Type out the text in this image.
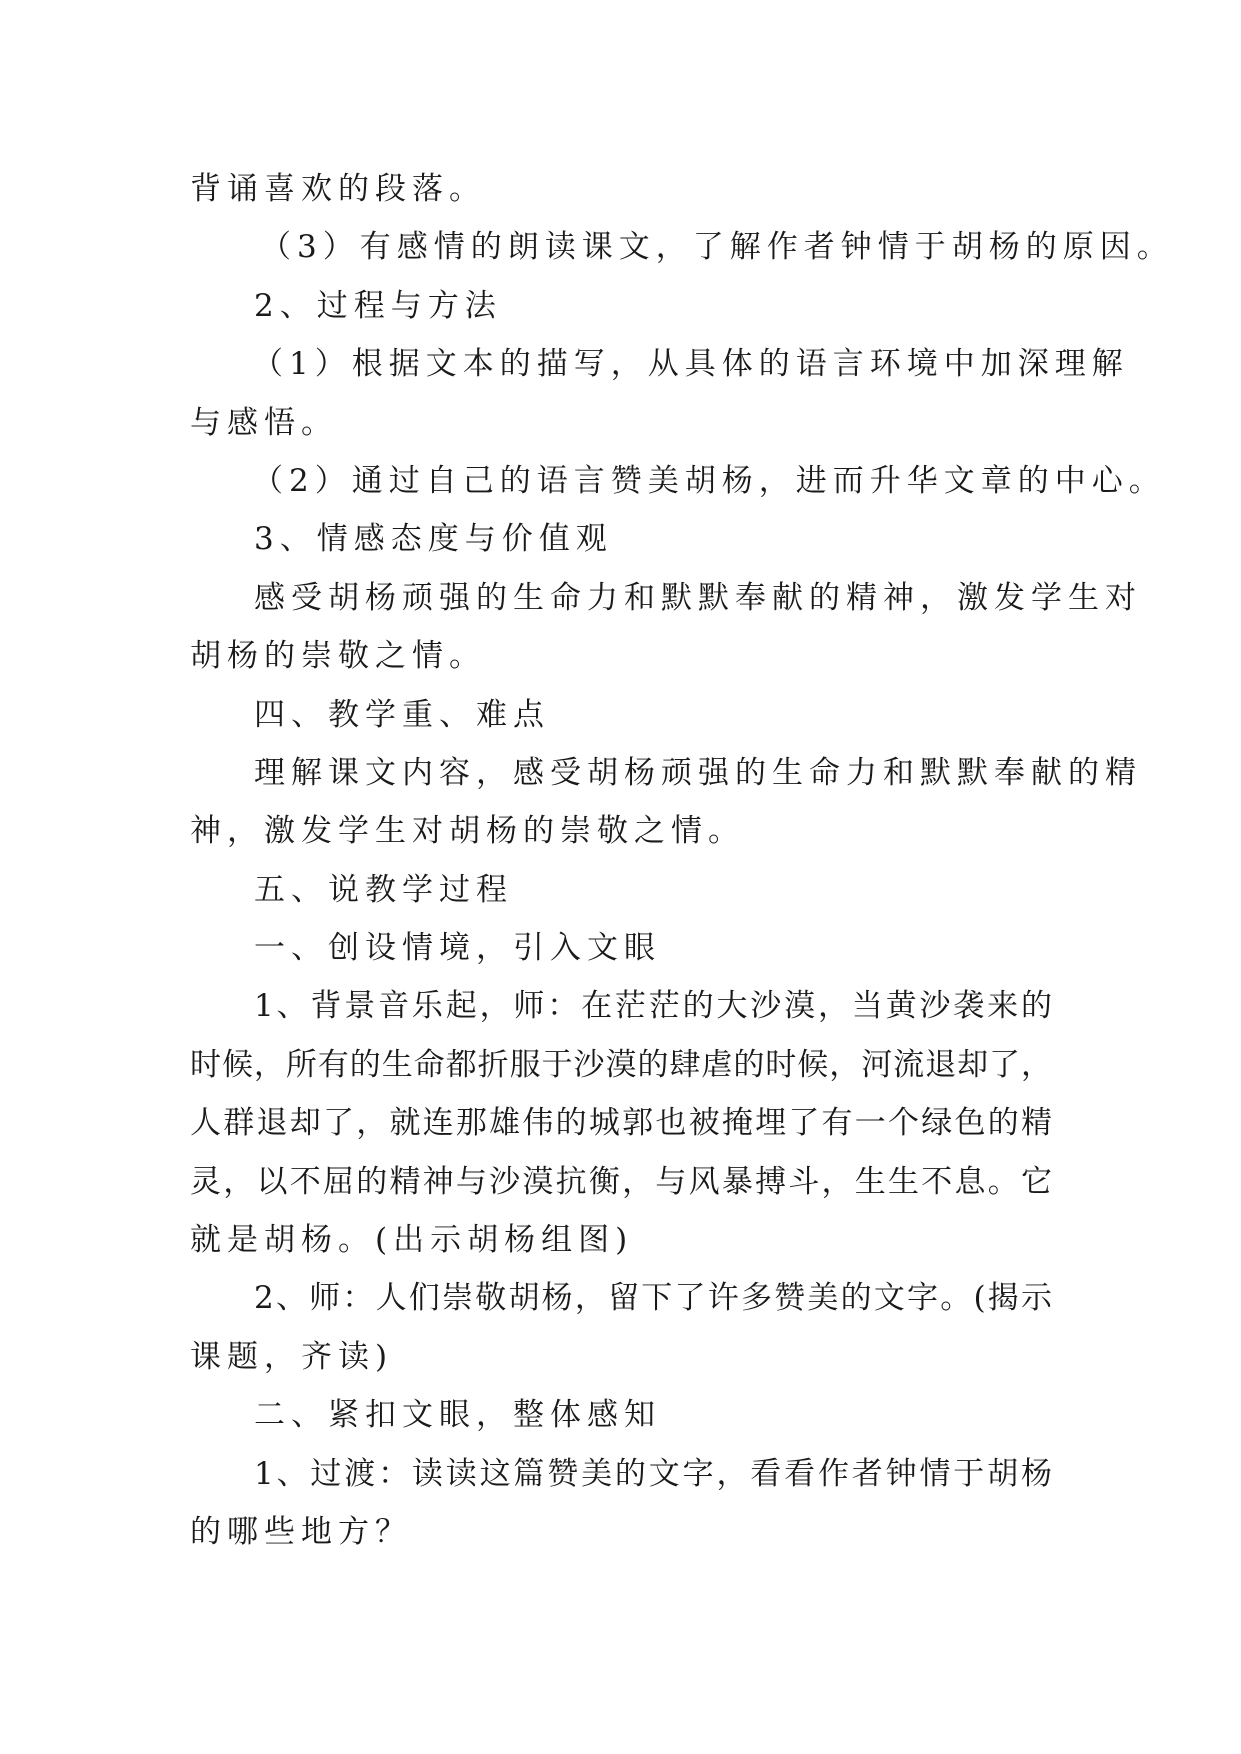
背诵喜欢的段落。
（3）有感情的朗读课文，了解作者钟情于胡杨的原因。
2、过程与方法
（1）根据文本的描写，从具体的语言环境中加深理解
与感悟。
（2）通过自己的语言赞美胡杨，进而升华文章的中心。
3、情感态度与价值观
感受胡杨顽强的生命力和默默奉献的精神，激发学生对
胡杨的崇敬之情。
四、教学重、难点
理解课文内容，感受胡杨顽强的生命力和默默奉献的精
神，激发学生对胡杨的崇敬之情。
五、说教学过程
一、创设情境，引入文眼
1、背景音乐起，师：在茫茫的大沙漠，当黄沙袭来的
时候，所有的生命都折服于沙漠的肆虐的时候，河流退却了，
人群退却了，就连那雄伟的城郭也被掩埋了有一个绿色的精
灵，以不屈的精神与沙漠抗衡，与风暴搏斗，生生不息。它
就是胡杨。(出示胡杨组图)
2、师：人们崇敬胡杨，留下了许多赞美的文字。(揭示
课题，齐读)
二、紧扣文眼，整体感知
1、过渡：读读这篇赞美的文字，看看作者钟情于胡杨
的哪些地方？
